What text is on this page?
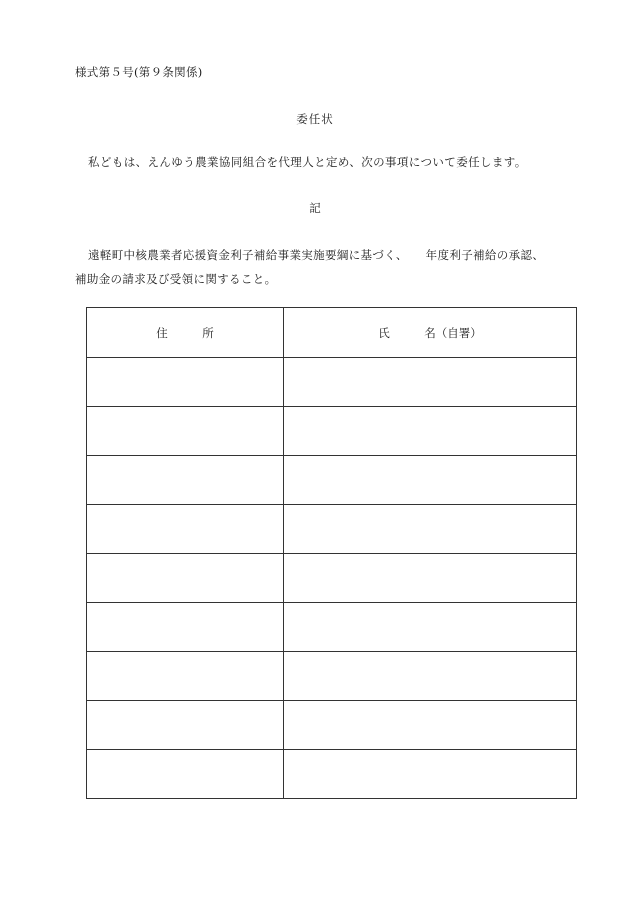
様式第５号(第９条関係)
委任状
私どもは、えんゆう農業協同組合を代理人と定め、次の事項について委任します。
記
遠軽町中核農業者応援資金利子補給事業実施要綱に基づく、　　年度利子補給の承認、
補助金の請求及び受領に関すること。
住　　　所	氏　　　名（自署）
